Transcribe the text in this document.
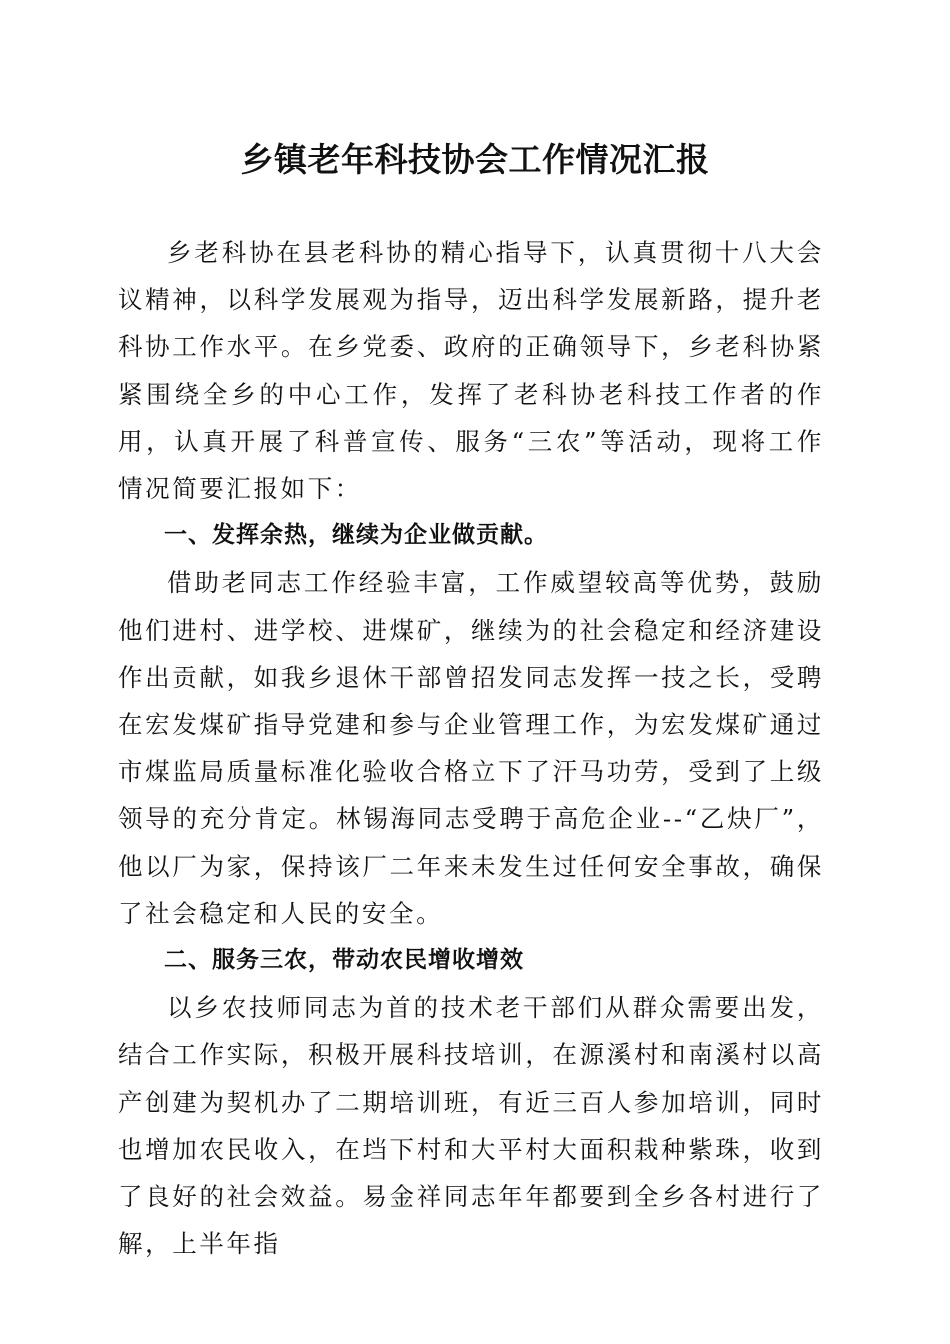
乡镇老年科技协会工作情况汇报

乡老科协在县老科协的精心指导下，认真贯彻十八大会议精神，以科学发展观为指导，迈出科学发展新路，提升老科协工作水平。在乡党委、政府的正确领导下，乡老科协紧紧围绕全乡的中心工作，发挥了老科协老科技工作者的作用，认真开展了科普宣传、服务“三农”等活动，现将工作情况简要汇报如下：

一、发挥余热，继续为企业做贡献。

借助老同志工作经验丰富，工作威望较高等优势，鼓励他们进村、进学校、进煤矿，继续为的社会稳定和经济建设作出贡献，如我乡退休干部曾招发同志发挥一技之长，受聘在宏发煤矿指导党建和参与企业管理工作，为宏发煤矿通过市煤监局质量标准化验收合格立下了汗马功劳，受到了上级领导的充分肯定。林锡海同志受聘于高危企业--“乙炔厂”，他以厂为家，保持该厂二年来未发生过任何安全事故，确保了社会稳定和人民的安全。

二、服务三农，带动农民增收增效

以乡农技师同志为首的技术老干部们从群众需要出发，结合工作实际，积极开展科技培训，在源溪村和南溪村以高产创建为契机办了二期培训班，有近三百人参加培训，同时也增加农民收入，在垱下村和大平村大面积栽种紫珠，收到了良好的社会效益。易金祥同志年年都要到全乡各村进行了解，上半年指
